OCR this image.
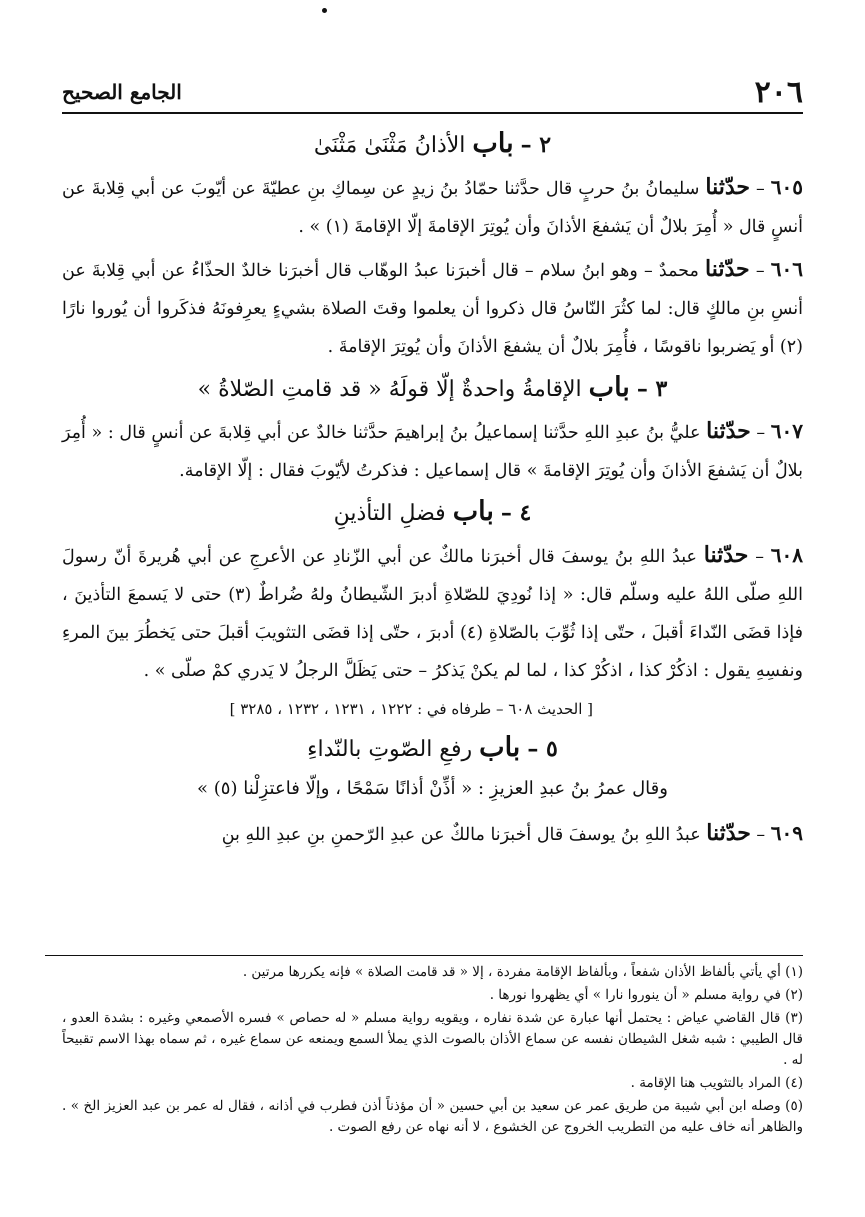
٢٠٦
الجامع الصحيح
٢ – باب الأذانُ مَثْنَىٰ مَثْنَىٰ

٦٠٥ – حدّثنا سليمانُ بنُ حربٍ قال حدَّثنا حمّادُ بنُ زيدٍ عن سِماكِ بنِ عطيّةَ عن أيّوبَ عن أبي قِلابةَ عن أنسٍ قال « أُمِرَ بلالٌ أن يَشفعَ الأذانَ وأن يُوتِرَ الإقامةَ إلّا الإقامةَ (١) » .

٦٠٦ – حدّثنا محمدٌ – وهو ابنُ سلام – قال أخبرَنا عبدُ الوهّاب قال أخبرَنا خالدٌ الحذّاءُ عن أبي قِلابةَ عن أنسِ بنِ مالكٍ قال: لما كثُرَ النّاسُ قال ذكروا أن يعلموا وقتَ الصلاة بشيءٍ يعرِفونَهُ فذكَروا أن يُوروا نارًا (٢) أو يَضربوا ناقوسًا ، فأُمِرَ بلالٌ أن يشفعَ الأذانَ وأن يُوتِرَ الإقامةَ .

٣ – باب الإقامةُ واحدةٌ إلّا قولَهُ « قد قامتِ الصّلاةُ »

٦٠٧ – حدّثنا عليُّ بنُ عبدِ اللهِ حدَّثنا إسماعيلُ بنُ إبراهيمَ حدَّثنا خالدٌ عن أبي قِلابةَ عن أنسٍ قال : « أُمِرَ بلالٌ أن يَشفعَ الأذانَ وأن يُوتِرَ الإقامةَ » قال إسماعيل : فذكرتُ لأيّوبَ فقال : إلّا الإقامة.

٤ – باب فضلِ التأذينِ

٦٠٨ – حدّثنا عبدُ اللهِ بنُ يوسفَ قال أخبرَنا مالكٌ عن أبي الزّنادِ عن الأعرجِ عن أبي هُريرةَ أنّ رسولَ اللهِ صلّى اللهُ عليه وسلّم قال: « إذا نُودِيَ للصّلاةِ أدبرَ الشّيطانُ ولهُ ضُراطٌ (٣) حتى لا يَسمعَ التأذينَ ، فإذا قضَى النّداءَ أقبلَ ، حتّى إذا ثُوِّبَ بالصّلاةِ (٤) أدبرَ ، حتّى إذا قضَى التثويبَ أقبلَ حتى يَخطُرَ بينَ المرءِ ونفسِهِ يقول : اذكُرْ كذا ، اذكُرْ كذا ، لما لم يكنْ يَذكرُ – حتى يَظَلَّ الرجلُ لا يَدري كمْ صلّى » .

[ الحديث ٦٠٨ – طرفاه في : ١٢٢٢ ، ١٢٣١ ، ١٢٣٢ ، ٣٢٨٥ ]
٥ – باب رفعِ الصّوتِ بالنّداءِ
وقال عمرُ بنُ عبدِ العزيزِ : « أذِّنْ أذانًا سَمْحًا ، وإلّا فاعتزِلْنا (٥) »

٦٠٩ – حدّثنا عبدُ اللهِ بنُ يوسفَ قال أخبرَنا مالكٌ عن عبدِ الرّحمنِ بنِ عبدِ اللهِ بنِ

(١) أي يأتي بألفاظ الأذان شفعاً ، وبألفاظ الإقامة مفردة ، إلا « قد قامت الصلاة » فإنه يكررها مرتين .

(٢) في رواية مسلم « أن ينوروا نارا » أي يظهروا نورها .

(٣) قال القاضي عياض : يحتمل أنها عبارة عن شدة نفاره ، ويقويه رواية مسلم « له حصاص » فسره الأصمعي وغيره : بشدة العدو ، قال الطيبي : شبه شغل الشيطان نفسه عن سماع الأذان بالصوت الذي يملأ السمع ويمنعه عن سماع غيره ، ثم سماه بهذا الاسم تقبيحاً له .

(٤) المراد بالتثويب هنا الإقامة .

(٥) وصله ابن أبي شيبة من طريق عمر عن سعيد بن أبي حسين « أن مؤذناً أذن فطرب في أذانه ، فقال له عمر بن عبد العزيز الخ » . والظاهر أنه خاف عليه من التطريب الخروج عن الخشوع ، لا أنه نهاه عن رفع الصوت .
